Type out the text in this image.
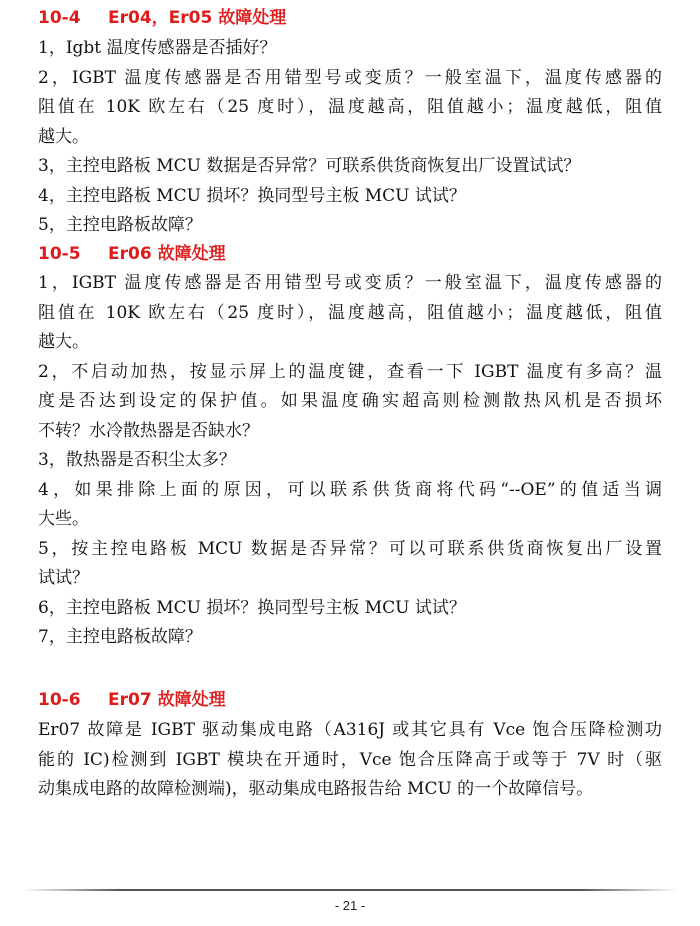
10-4 Er04，Er05 故障处理
1，Igbt 温度传感器是否插好？
2，IGBT 温度传感器是否用错型号或变质？一般室温下，温度传感器的
阻值在 10K 欧左右（25 度时），温度越高，阻值越小；温度越低，阻值
越大。
3，主控电路板 MCU 数据是否异常？可联系供货商恢复出厂设置试试？
4，主控电路板 MCU 损坏？换同型号主板 MCU 试试？
5，主控电路板故障？
10-5 Er06 故障处理
1，IGBT 温度传感器是否用错型号或变质？一般室温下，温度传感器的
阻值在 10K 欧左右（25 度时），温度越高，阻值越小；温度越低，阻值
越大。
2，不启动加热，按显示屏上的温度键，查看一下 IGBT 温度有多高？温
度是否达到设定的保护值。如果温度确实超高则检测散热风机是否损坏
不转？水冷散热器是否缺水？
3，散热器是否积尘太多？
4，如果排除上面的原因，可以联系供货商将代码“--OE”的值适当调
大些。
5，按主控电路板 MCU 数据是否异常？可以可联系供货商恢复出厂设置
试试？
6，主控电路板 MCU 损坏？换同型号主板 MCU 试试？
7，主控电路板故障？
10-6 Er07 故障处理
Er07 故障是 IGBT 驱动集成电路（A316J 或其它具有 Vce 饱合压降检测功
能的 IC)检测到 IGBT 模块在开通时，Vce 饱合压降高于或等于 7V 时（驱
动集成电路的故障检测端)，驱动集成电路报告给 MCU 的一个故障信号。
- 21 -
